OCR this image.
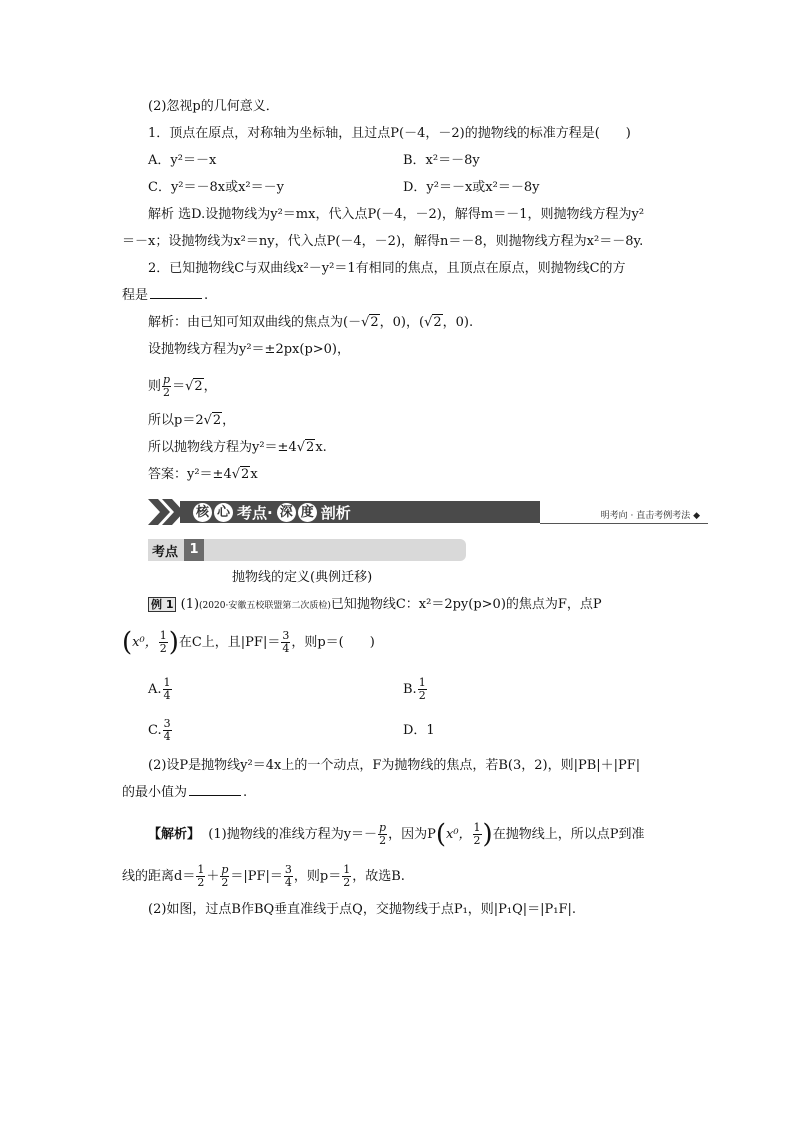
(2)忽视p的几何意义．
1．顶点在原点，对称轴为坐标轴，且过点P(－4，－2)的抛物线的标准方程是(　　)
A．y²＝－x	B．x²＝－8y
C．y²＝－8x或x²＝－y	D．y²＝－x或x²＝－8y
解析 选D.设抛物线为y²＝mx，代入点P(－4，－2)，解得m＝－1，则抛物线方程为y²
＝－x；设抛物线为x²＝ny，代入点P(－4，－2)，解得n＝－8，则抛物线方程为x²＝－8y.
2．已知抛物线C与双曲线x²－y²＝1有相同的焦点，且顶点在原点，则抛物线C的方
程是	.
解析：由已知可知双曲线的焦点为(－√2，0)，(√2，0).
设抛物线方程为y²＝±2px(p>0)，
则 $\frac{p}{2} =√2$，
所以p＝2√2，
所以抛物线方程为y²＝±4√2x.
答案：y²＝±4√2x
核 心 考点· 深 度 剖析	明考向 · 直击考例考法 ◆
考点 1
抛物线的定义(典例迁移)
例 1 (1)(2020·安徽五校联盟第二次质检)已知抛物线C：x²＝2py(p>0)的焦点为F，点P
(x⁰， $\frac{1}{2}$ )在C上，且$|PF|= \frac{3}{4}$ ，则p＝(　　)
A. $\frac{1}{4}$	B. $\frac{1}{2}$
C. $\frac{3}{4}$	D．1
(2)设P是抛物线y²＝4x上的一个动点，F为抛物线的焦点，若B(3，2)，则|PB|＋|PF|
的最小值为	.
【解析】 (1)抛物线的准线方程为$y=- \frac{p}{2}$ ，因为P(x⁰， $\frac{1}{2}$ )在抛物线上，所以点P到准
线的距离$d= \frac{1}{2} + \frac{p}{2} =|PF|= \frac{3}{4}$ ，则$p= \frac{1}{2}$ ，故选B.
(2)如图，过点B作BQ垂直准线于点Q，交抛物线于点P₁，则|P₁Q|＝|P₁F|.
